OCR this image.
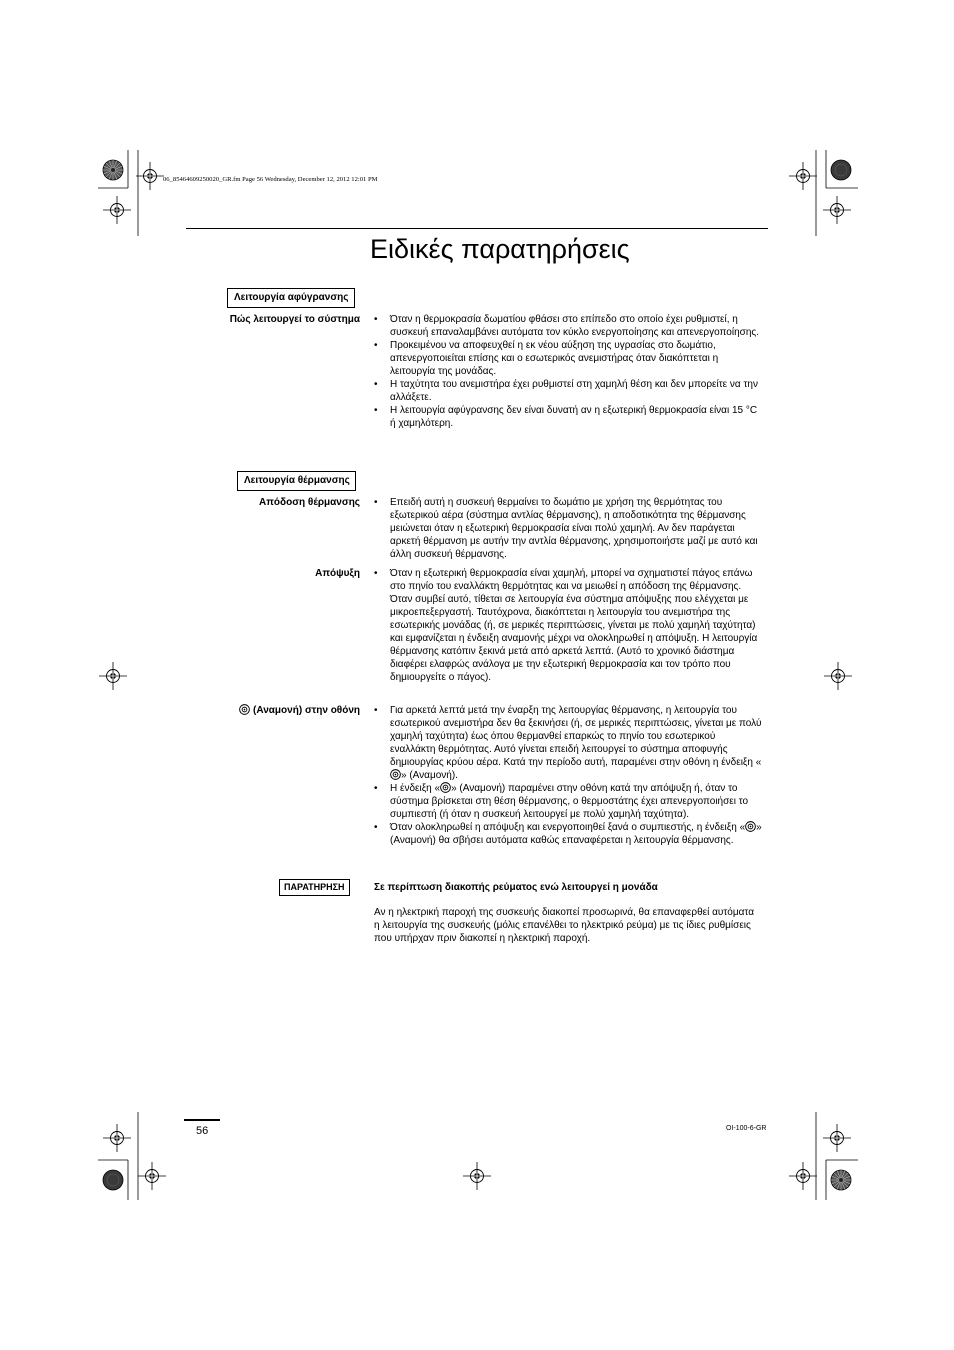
06_85464609250020_GR.fm Page 56 Wednesday, December 12, 2012 12:01 PM
Ειδικές παρατηρήσεις
Λειτουργία αφύγρανσης
Πώς λειτουργεί το σύστημα	• Όταν η θερμοκρασία δωματίου φθάσει στο επίπεδο στο οποίο έχει ρυθμιστεί, η συσκευή επαναλαμβάνει αυτόματα τον κύκλο ενεργοποίησης και απενεργοποίησης.
• Προκειμένου να αποφευχθεί η εκ νέου αύξηση της υγρασίας στο δωμάτιο, απενεργοποιείται επίσης και ο εσωτερικός ανεμιστήρας όταν διακόπτεται η λειτουργία της μονάδας.
• Η ταχύτητα του ανεμιστήρα έχει ρυθμιστεί στη χαμηλή θέση και δεν μπορείτε να την αλλάξετε.
• Η λειτουργία αφύγρανσης δεν είναι δυνατή αν η εξωτερική θερμοκρασία είναι 15 °C ή χαμηλότερη.
Λειτουργία θέρμανσης
Απόδοση θέρμανσης	• Επειδή αυτή η συσκευή θερμαίνει το δωμάτιο με χρήση της θερμότητας του εξωτερικού αέρα (σύστημα αντλίας θέρμανσης), η αποδοτικότητα της θέρμανσης μειώνεται όταν η εξωτερική θερμοκρασία είναι πολύ χαμηλή. Αν δεν παράγεται αρκετή θέρμανση με αυτήν την αντλία θέρμανσης, χρησιμοποιήστε μαζί με αυτό και άλλη συσκευή θέρμανσης.
Απόψυξη	• Όταν η εξωτερική θερμοκρασία είναι χαμηλή, μπορεί να σχηματιστεί πάγος επάνω στο πηνίο του εναλλάκτη θερμότητας και να μειωθεί η απόδοση της θέρμανσης. Όταν συμβεί αυτό, τίθεται σε λειτουργία ένα σύστημα απόψυξης που ελέγχεται με μικροεπεξεργαστή. Ταυτόχρονα, διακόπτεται η λειτουργία του ανεμιστήρα της εσωτερικής μονάδας (ή, σε μερικές περιπτώσεις, γίνεται με πολύ χαμηλή ταχύτητα) και εμφανίζεται η ένδειξη αναμονής μέχρι να ολοκληρωθεί η απόψυξη. Η λειτουργία θέρμανσης κατόπιν ξεκινά μετά από αρκετά λεπτά. (Αυτό το χρονικό διάστημα διαφέρει ελαφρώς ανάλογα με την εξωτερική θερμοκρασία και τον τρόπο που δημιουργείτε ο πάγος).
(Αναμονή) στην οθόνη	• Για αρκετά λεπτά μετά την έναρξη της λειτουργίας θέρμανσης, η λειτουργία του εσωτερικού ανεμιστήρα δεν θα ξεκινήσει (ή, σε μερικές περιπτώσεις, γίνεται με πολύ χαμηλή ταχύτητα) έως όπου θερμανθεί επαρκώς το πηνίο του εσωτερικού εναλλάκτη θερμότητας. Αυτό γίνεται επειδή λειτουργεί το σύστημα αποφυγής δημιουργίας κρύου αέρα. Κατά την περίοδο αυτή, παραμένει στην οθόνη η ένδειξη «» (Αναμονή).
• Η ένδειξη « » (Αναμονή) παραμένει στην οθόνη κατά την απόψυξη ή, όταν το σύστημα βρίσκεται στη θέση θέρμανσης, ο θερμοστάτης έχει απενεργοποιήσει το συμπιεστή (ή όταν η συσκευή λειτουργεί με πολύ χαμηλή ταχύτητα).
• Όταν ολοκληρωθεί η απόψυξη και ενεργοποιηθεί ξανά ο συμπιεστής, η ένδειξη « » (Αναμονή) θα σβήσει αυτόματα καθώς επαναφέρεται η λειτουργία θέρμανσης.
ΠΑΡΑΤΗΡΗΣΗ	Σε περίπτωση διακοπής ρεύματος ενώ λειτουργεί η μονάδα
Αν η ηλεκτρική παροχή της συσκευής διακοπεί προσωρινά, θα επαναφερθεί αυτόματα η λειτουργία της συσκευής (μόλις επανέλθει το ηλεκτρικό ρεύμα) με τις ίδιες ρυθμίσεις που υπήρχαν πριν διακοπεί η ηλεκτρική παροχή.
56	OI-100-6-GR
